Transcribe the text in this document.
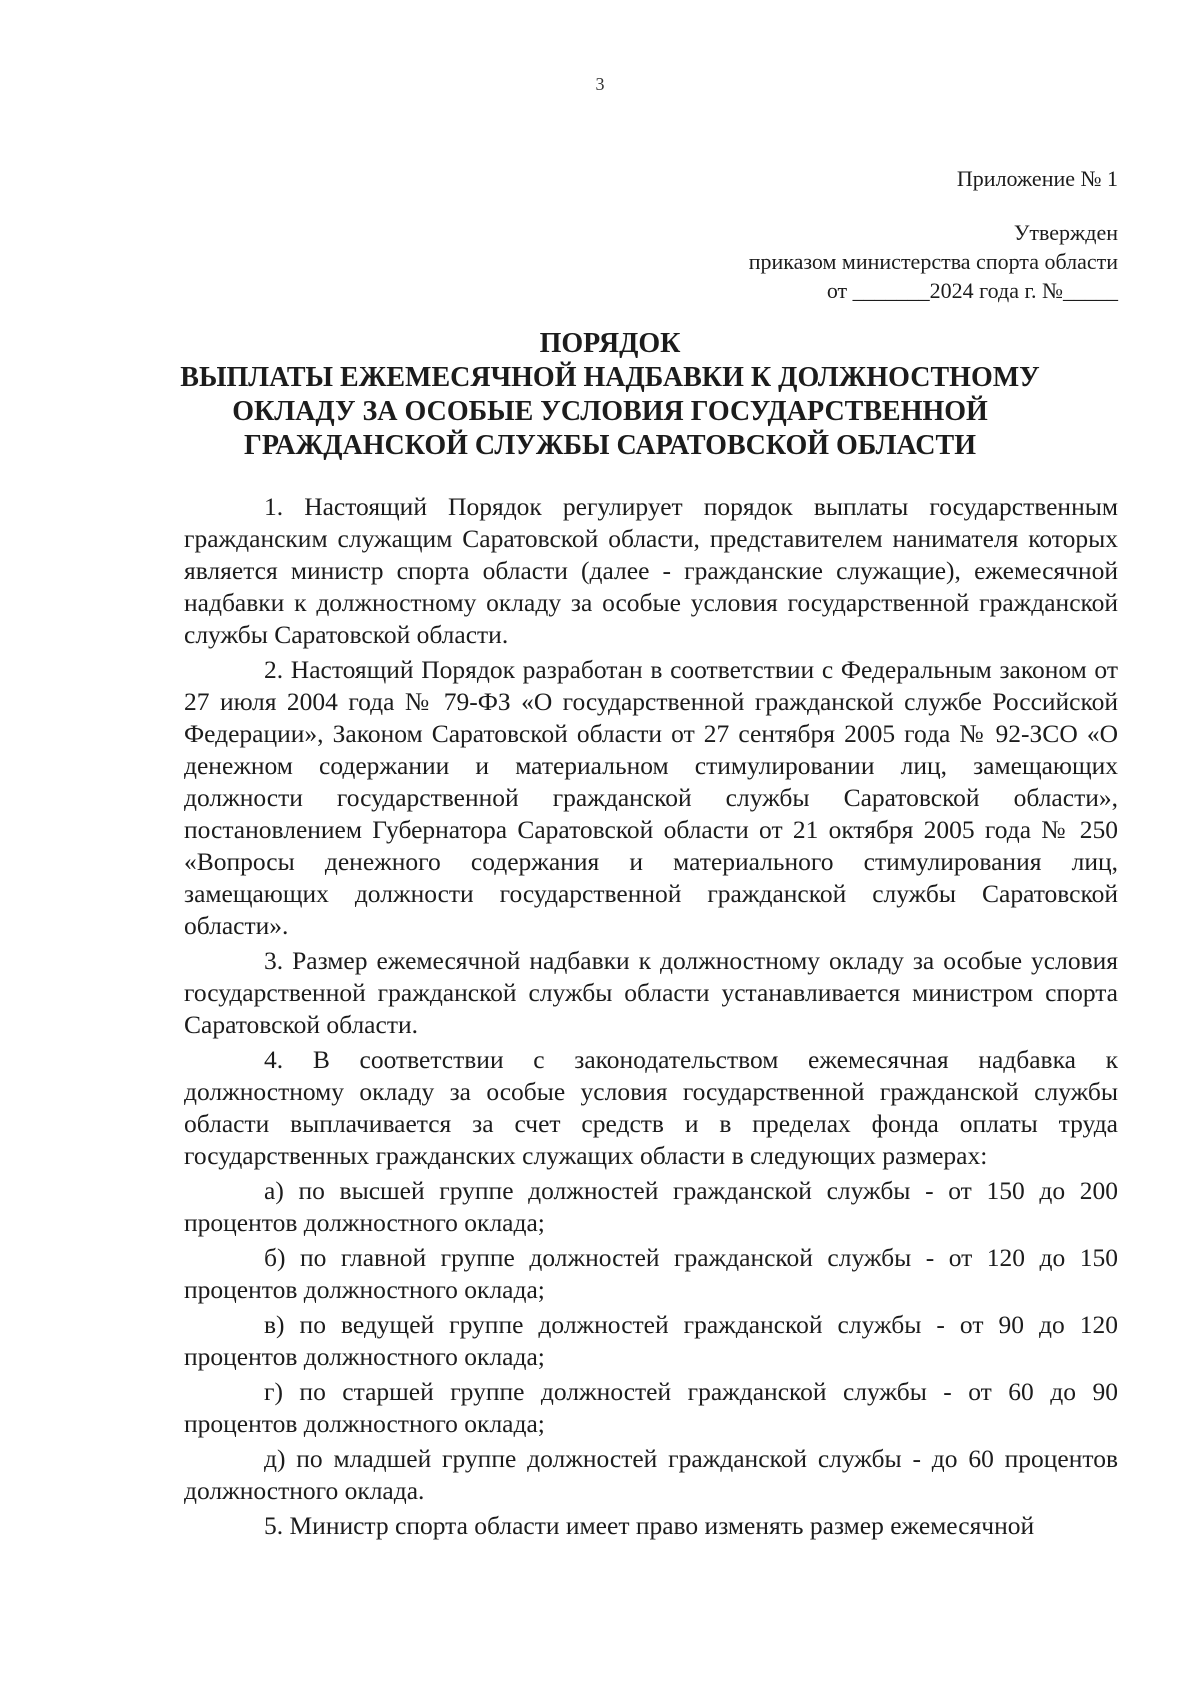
3
Приложение № 1
Утвержден
приказом министерства спорта области
от _______2024 года г. №_____
ПОРЯДОК
ВЫПЛАТЫ ЕЖЕМЕСЯЧНОЙ НАДБАВКИ К ДОЛЖНОСТНОМУ
ОКЛАДУ ЗА ОСОБЫЕ УСЛОВИЯ ГОСУДАРСТВЕННОЙ
ГРАЖДАНСКОЙ СЛУЖБЫ САРАТОВСКОЙ ОБЛАСТИ

1. Настоящий Порядок регулирует порядок выплаты государственным гражданским служащим Саратовской области, представителем нанимателя которых является министр спорта области (далее - гражданские служащие), ежемесячной надбавки к должностному окладу за особые условия государственной гражданской службы Саратовской области.

2. Настоящий Порядок разработан в соответствии с Федеральным законом от 27 июля 2004 года № 79-ФЗ «О государственной гражданской службе Российской Федерации», Законом Саратовской области от 27 сентября 2005 года № 92-ЗСО «О денежном содержании и материальном стимулировании лиц, замещающих должности государственной гражданской службы Саратовской области», постановлением Губернатора Саратовской области от 21 октября 2005 года № 250 «Вопросы денежного содержания и материального стимулирования лиц, замещающих должности государственной гражданской службы Саратовской области».

3. Размер ежемесячной надбавки к должностному окладу за особые условия государственной гражданской службы области устанавливается министром спорта Саратовской области.

4. В соответствии с законодательством ежемесячная надбавка к должностному окладу за особые условия государственной гражданской службы области выплачивается за счет средств и в пределах фонда оплаты труда государственных гражданских служащих области в следующих размерах:

а) по высшей группе должностей гражданской службы - от 150 до 200 процентов должностного оклада;

б) по главной группе должностей гражданской службы - от 120 до 150 процентов должностного оклада;

в) по ведущей группе должностей гражданской службы - от 90 до 120 процентов должностного оклада;

г) по старшей группе должностей гражданской службы - от 60 до 90 процентов должностного оклада;

д) по младшей группе должностей гражданской службы - до 60 процентов должностного оклада.

5. Министр спорта области имеет право изменять размер ежемесячной
